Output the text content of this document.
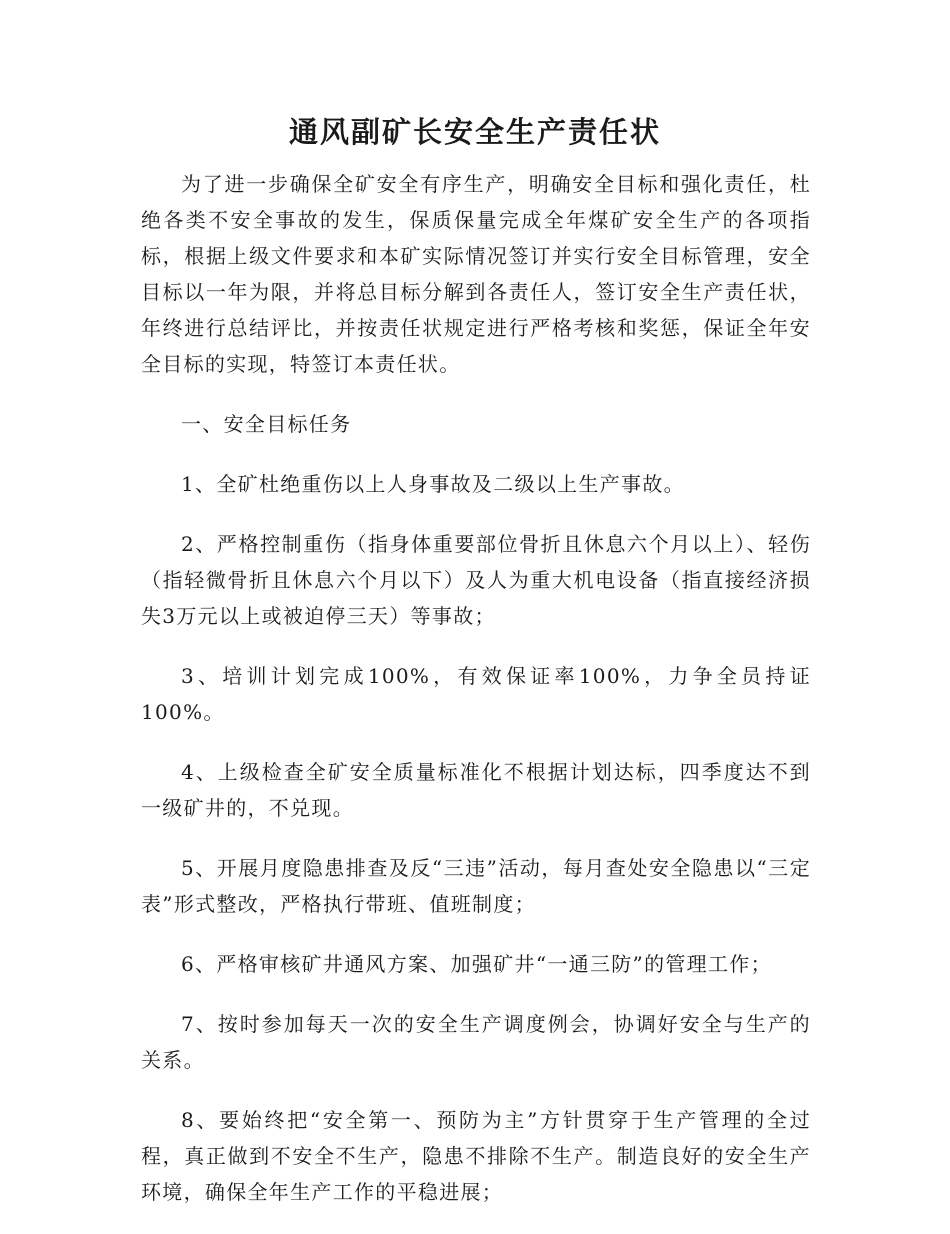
通风副矿长安全生产责任状

为了进一步确保全矿安全有序生产，明确安全目标和强化责任，杜绝各类不安全事故的发生，保质保量完成全年煤矿安全生产的各项指标，根据上级文件要求和本矿实际情况签订并实行安全目标管理，安全目标以一年为限，并将总目标分解到各责任人，签订安全生产责任状，年终进行总结评比，并按责任状规定进行严格考核和奖惩，保证全年安全目标的实现，特签订本责任状。

一、安全目标任务

1、全矿杜绝重伤以上人身事故及二级以上生产事故。

2、严格控制重伤（指身体重要部位骨折且休息六个月以上）、轻伤（指轻微骨折且休息六个月以下）及人为重大机电设备（指直接经济损失3万元以上或被迫停三天）等事故；

3、培训计划完成100%，有效保证率100%，力争全员持证100%。

4、上级检查全矿安全质量标准化不根据计划达标，四季度达不到一级矿井的，不兑现。

5、开展月度隐患排查及反“三违”活动，每月查处安全隐患以“三定表”形式整改，严格执行带班、值班制度；

6、严格审核矿井通风方案、加强矿井“一通三防”的管理工作；

7、按时参加每天一次的安全生产调度例会，协调好安全与生产的关系。

8、要始终把“安全第一、预防为主”方针贯穿于生产管理的全过程，真正做到不安全不生产，隐患不排除不生产。制造良好的安全生产环境，确保全年生产工作的平稳进展；
